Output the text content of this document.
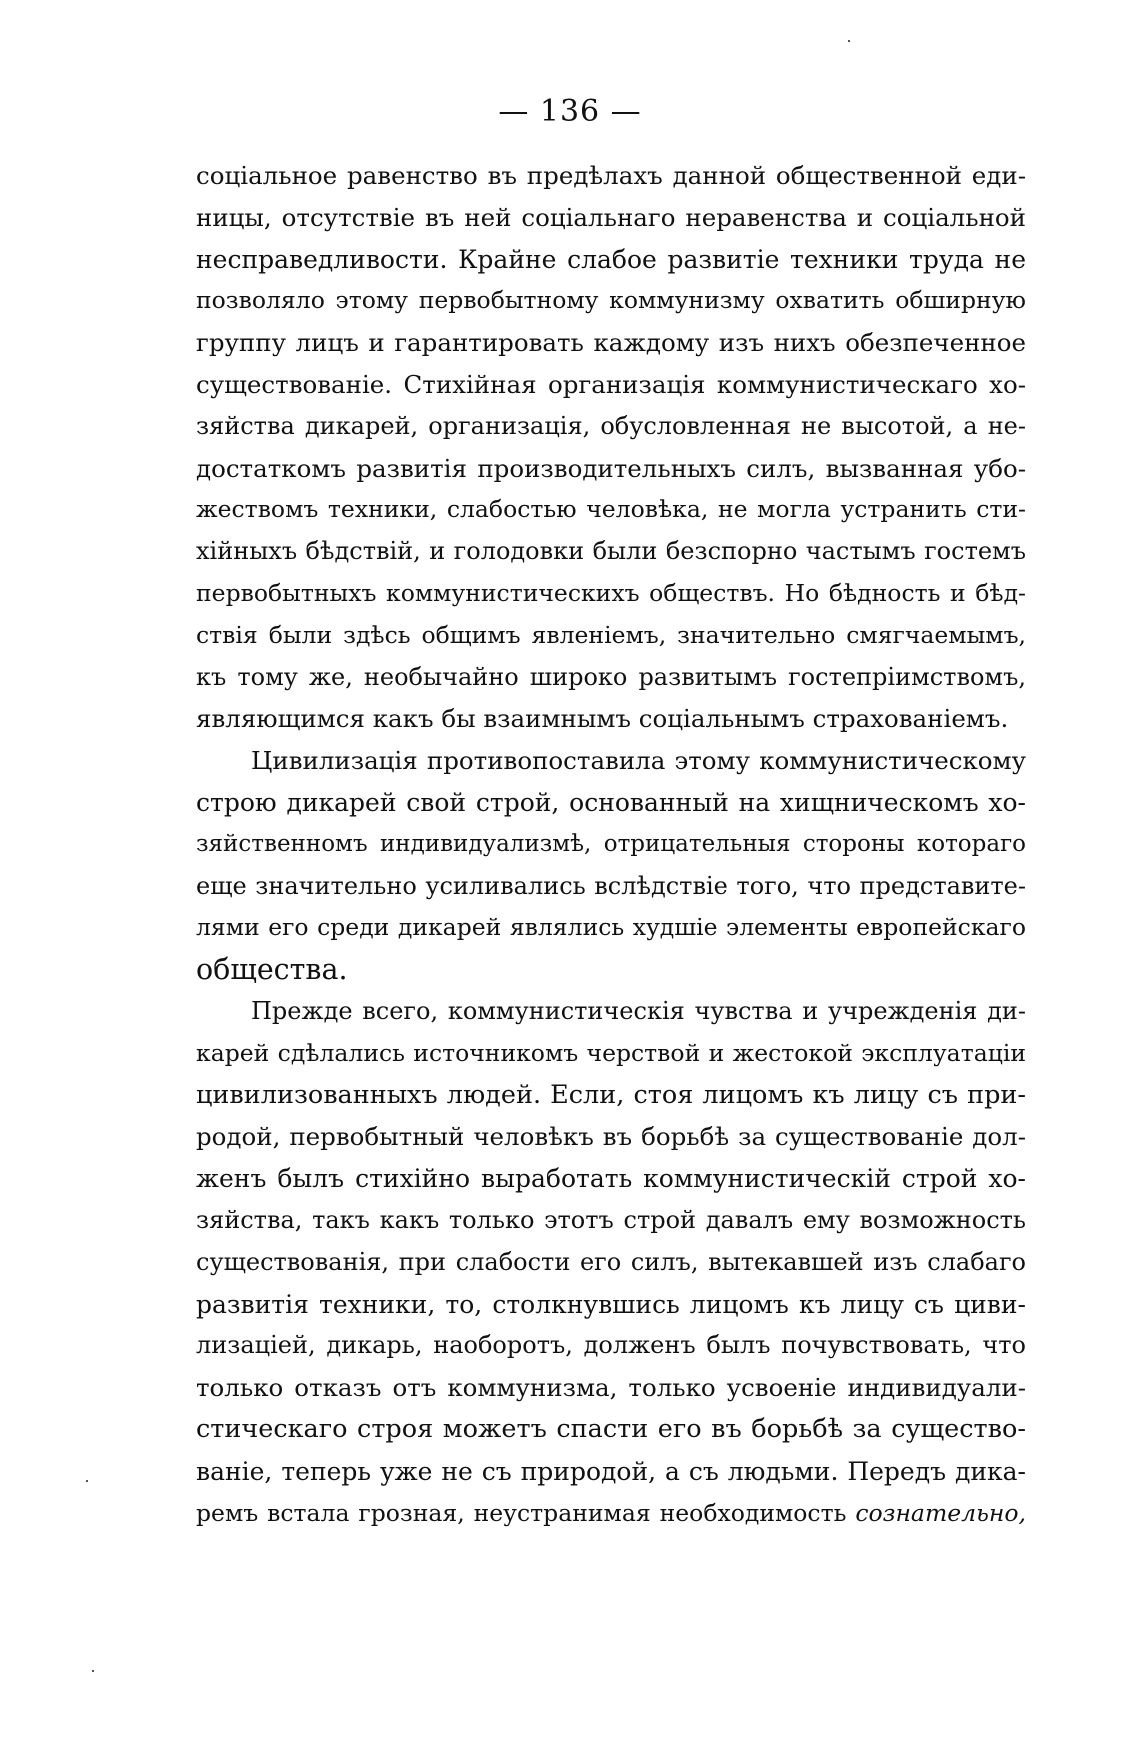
— 136 —
соціальное равенство въ предѣлахъ данной общественной еди-
ницы, отсутствіе въ ней соціальнаго неравенства и соціальной
несправедливости. Крайне слабое развитіе техники труда не
позволяло этому первобытному коммунизму охватить обширную
группу лицъ и гарантировать каждому изъ нихъ обезпеченное
существованіе. Стихійная организація коммунистическаго хо-
зяйства дикарей, организація, обусловленная не высотой, а не-
достаткомъ развитія производительныхъ силъ, вызванная убо-
жествомъ техники, слабостью человѣка, не могла устранить сти-
хійныхъ бѣдствій, и голодовки были безспорно частымъ гостемъ
первобытныхъ коммунистическихъ обществъ. Но бѣдность и бѣд-
ствія были здѣсь общимъ явленіемъ, значительно смягчаемымъ,
къ тому же, необычайно широко развитымъ гостепріимствомъ,
являющимся какъ бы взаимнымъ соціальнымъ страхованіемъ.
Цивилизація противопоставила этому коммунистическому
строю дикарей свой строй, основанный на хищническомъ хо-
зяйственномъ индивидуализмѣ, отрицательныя стороны котораго
еще значительно усиливались вслѣдствіе того, что представите-
лями его среди дикарей являлись худшіе элементы европейскаго
общества.
Прежде всего, коммунистическія чувства и учрежденія ди-
карей сдѣлались источникомъ черствой и жестокой эксплуатаціи
цивилизованныхъ людей. Если, стоя лицомъ къ лицу съ при-
родой, первобытный человѣкъ въ борьбѣ за существованіе дол-
женъ былъ стихійно выработать коммунистическій строй хо-
зяйства, такъ какъ только этотъ строй давалъ ему возможность
существованія, при слабости его силъ, вытекавшей изъ слабаго
развитія техники, то, столкнувшись лицомъ къ лицу съ циви-
лизаціей, дикарь, наоборотъ, долженъ былъ почувствовать, что
только отказъ отъ коммунизма, только усвоеніе индивидуали-
стическаго строя можетъ спасти его въ борьбѣ за существо-
ваніе, теперь уже не съ природой, а съ людьми. Передъ дика-
ремъ встала грозная, неустранимая необходимость сознательно,
